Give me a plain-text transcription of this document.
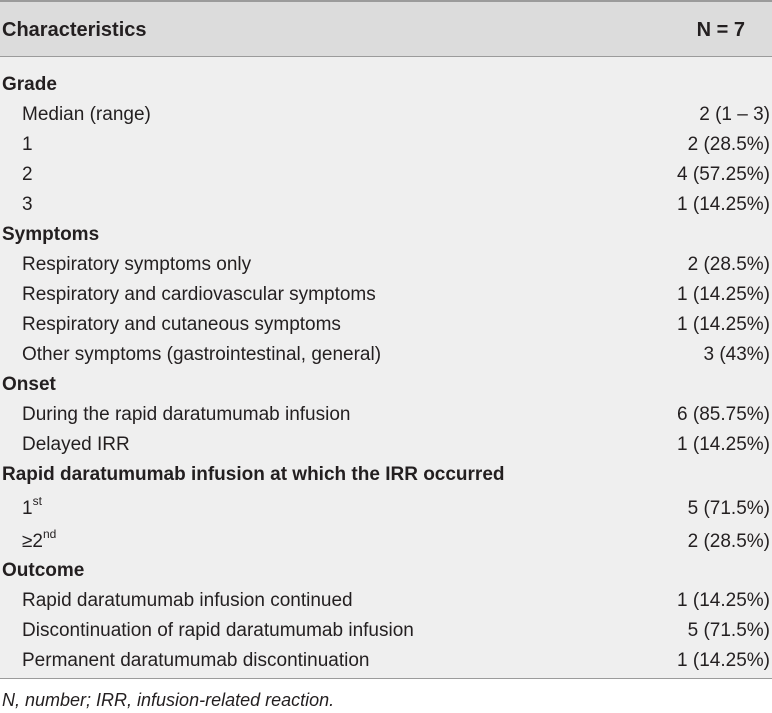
Characteristics	N = 7
Grade
Median (range)	2 (1 – 3)
1	2 (28.5%)
2	4 (57.25%)
3	1 (14.25%)
Symptoms
Respiratory symptoms only	2 (28.5%)
Respiratory and cardiovascular symptoms	1 (14.25%)
Respiratory and cutaneous symptoms	1 (14.25%)
Other symptoms (gastrointestinal, general)	3 (43%)
Onset
During the rapid daratumumab infusion	6 (85.75%)
Delayed IRR	1 (14.25%)
Rapid daratumumab infusion at which the IRR occurred
1st	5 (71.5%)
≥2nd	2 (28.5%)
Outcome
Rapid daratumumab infusion continued	1 (14.25%)
Discontinuation of rapid daratumumab infusion	5 (71.5%)
Permanent daratumumab discontinuation	1 (14.25%)
N, number; IRR, infusion-related reaction.
